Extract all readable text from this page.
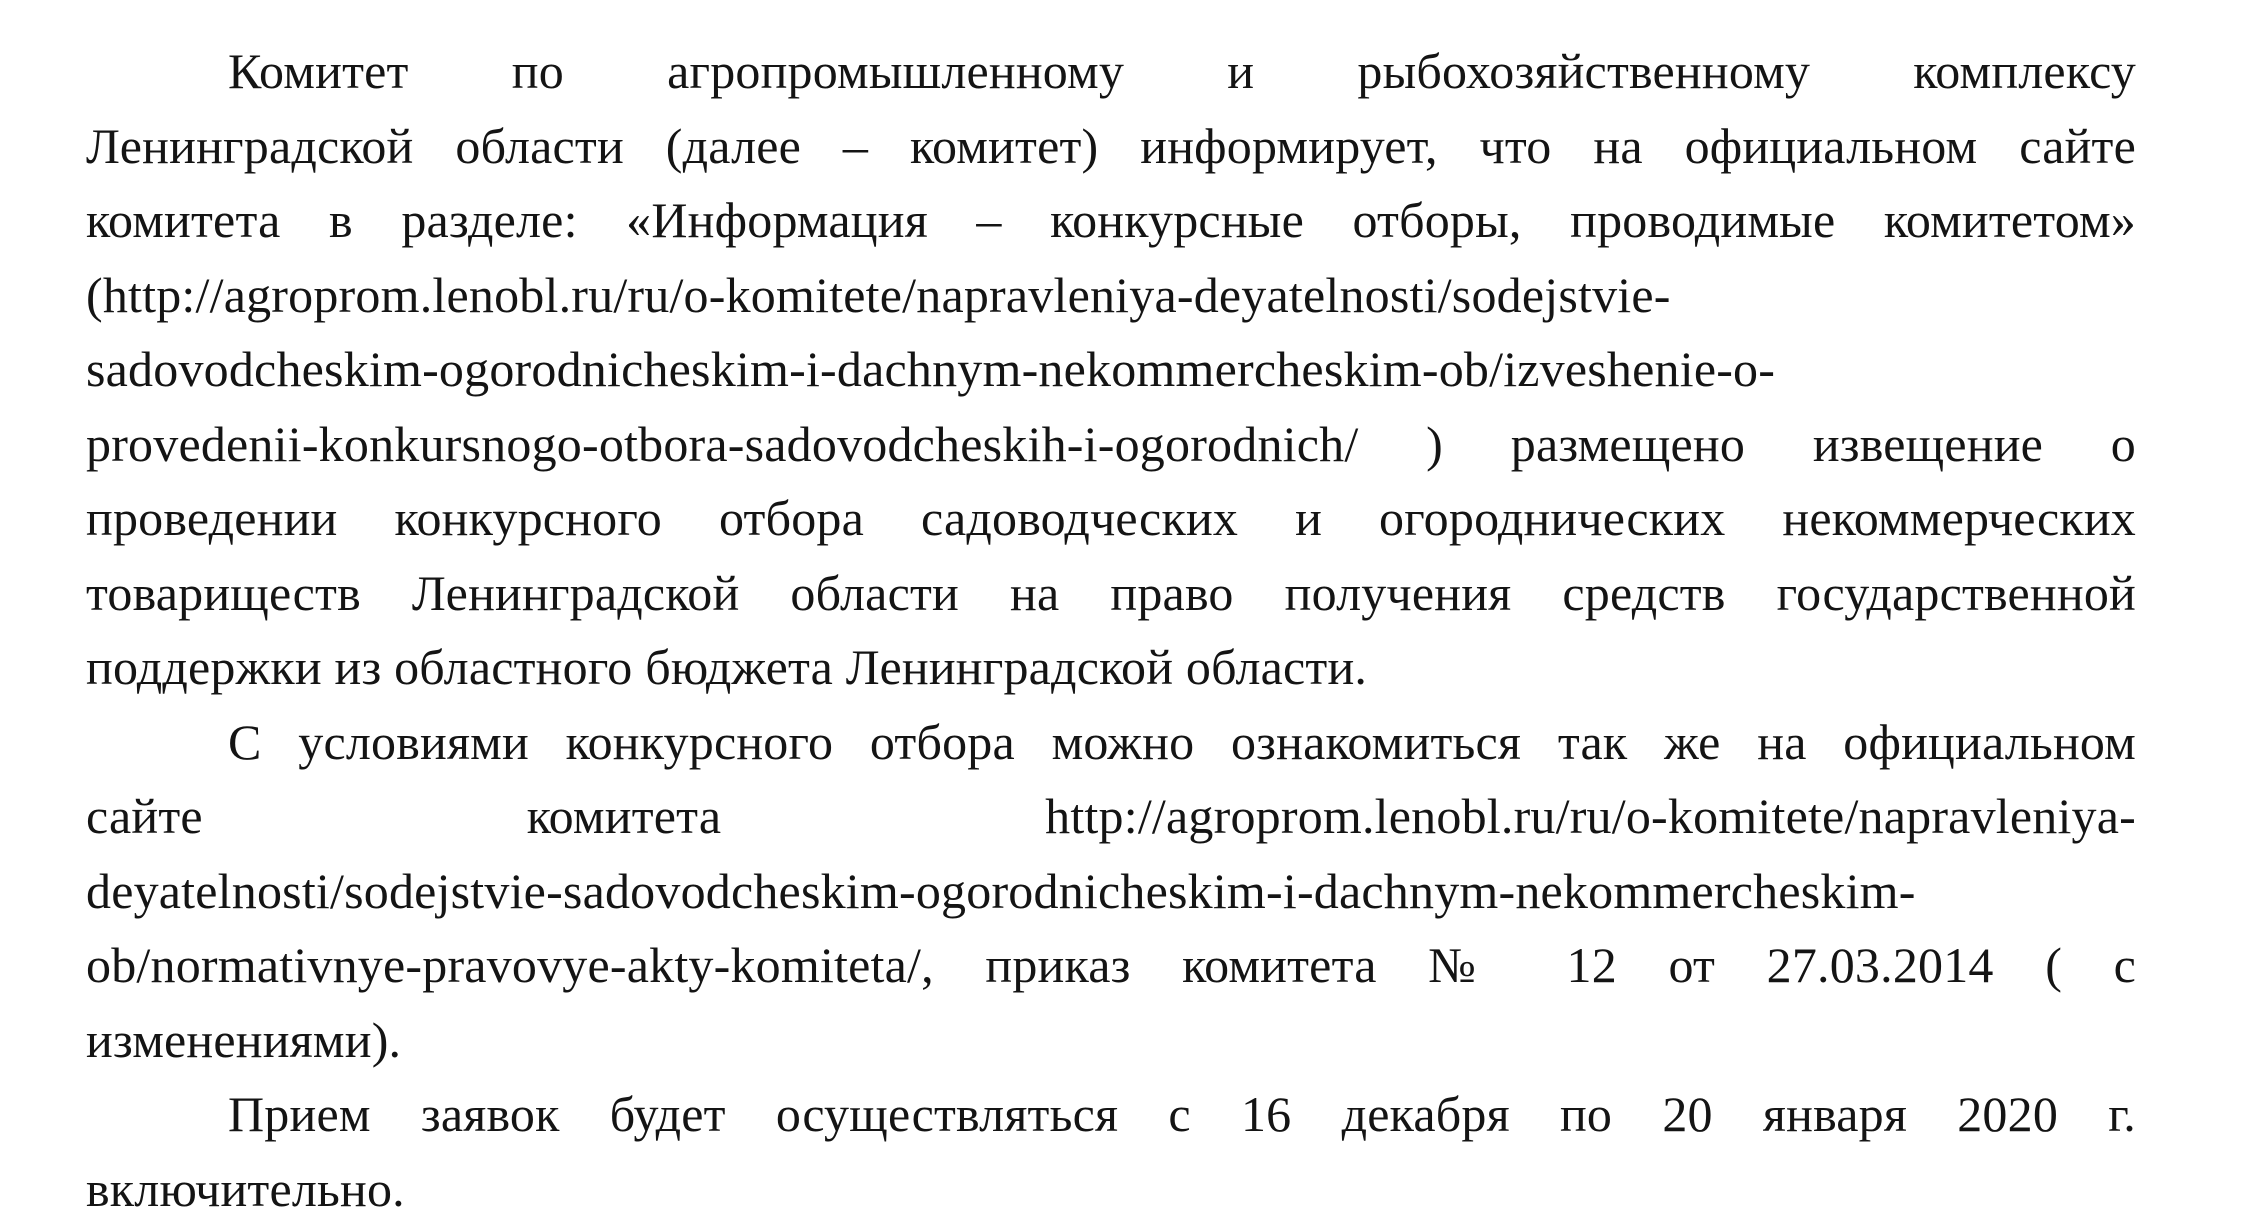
Комитет по агропромышленному и рыбохозяйственному комплексу
Ленинградской области (далее – комитет) информирует, что на официальном сайте
комитета в разделе: «Информация – конкурсные отборы, проводимые комитетом»
(http://agroprom.lenobl.ru/ru/o-komitete/napravleniya-deyatelnosti/sodejstvie-
sadovodcheskim-ogorodnicheskim-i-dachnym-nekommercheskim-ob/izveshenie-o-
provedenii-konkursnogo-otbora-sadovodcheskih-i-ogorodnich/ ) размещено извещение о
проведении конкурсного отбора садоводческих и огороднических некоммерческих
товариществ Ленинградской области на право получения средств государственной
поддержки из областного бюджета Ленинградской области.
С условиями конкурсного отбора можно ознакомиться так же на официальном
сайте комитета http://agroprom.lenobl.ru/ru/o-komitete/napravleniya-
deyatelnosti/sodejstvie-sadovodcheskim-ogorodnicheskim-i-dachnym-nekommercheskim-
ob/normativnye-pravovye-akty-komiteta/, приказ комитета № 12 от 27.03.2014 ( с
изменениями).
Прием заявок будет осуществляться с 16 декабря по 20 января 2020 г.
включительно.
